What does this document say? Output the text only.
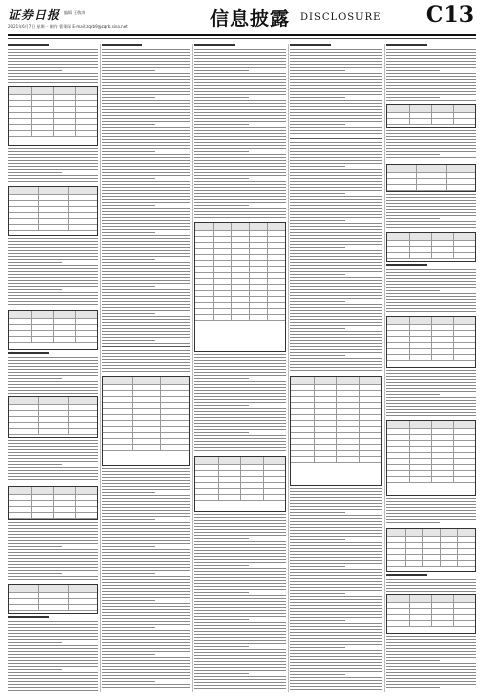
证券日报 编辑 王敬涛
2021年6月7日 星期一 制作 曹秉琛 E-mail:zqrb9@zqrb.sina.net	信息披露 DISCLOSURE C13
